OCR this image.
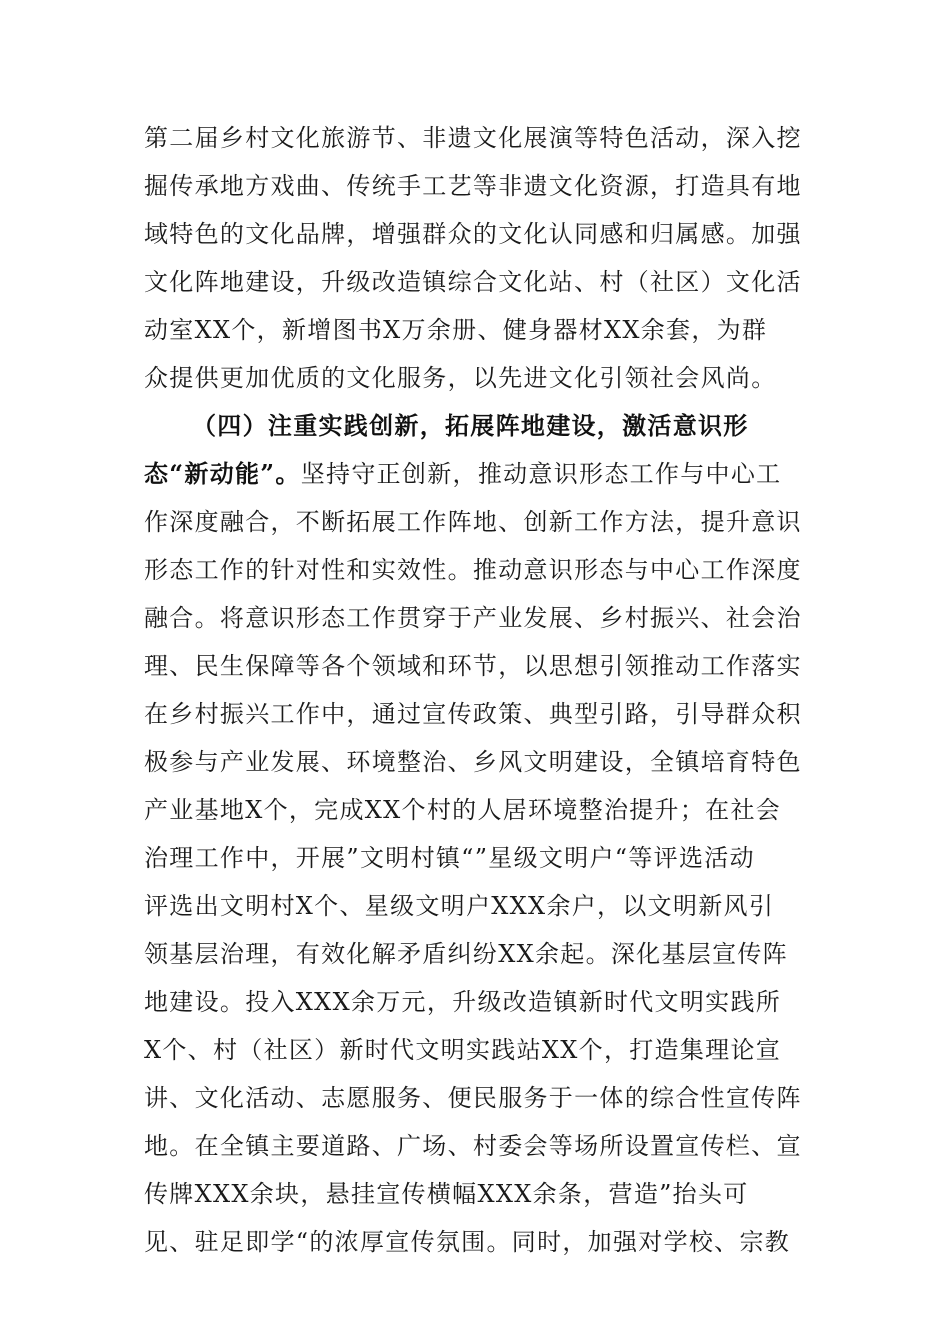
第二届乡村文化旅游节、非遗文化展演等特色活动，深入挖
掘传承地方戏曲、传统手工艺等非遗文化资源，打造具有地
域特色的文化品牌，增强群众的文化认同感和归属感。加强
文化阵地建设，升级改造镇综合文化站、村（社区）文化活
动室XX个，新增图书X万余册、健身器材XX余套，为群
众提供更加优质的文化服务，以先进文化引领社会风尚。
（四）注重实践创新，拓展阵地建设，激活意识形
态“新动能”。坚持守正创新，推动意识形态工作与中心工
作深度融合，不断拓展工作阵地、创新工作方法，提升意识
形态工作的针对性和实效性。推动意识形态与中心工作深度
融合。将意识形态工作贯穿于产业发展、乡村振兴、社会治
理、民生保障等各个领域和环节，以思想引领推动工作落实
在乡村振兴工作中，通过宣传政策、典型引路，引导群众积
极参与产业发展、环境整治、乡风文明建设，全镇培育特色
产业基地X个，完成XX个村的人居环境整治提升；在社会
治理工作中，开展”文明村镇“”星级文明户“等评选活动
评选出文明村X个、星级文明户XXX余户，以文明新风引
领基层治理，有效化解矛盾纠纷XX余起。深化基层宣传阵
地建设。投入XXX余万元，升级改造镇新时代文明实践所
X个、村（社区）新时代文明实践站XX个，打造集理论宣
讲、文化活动、志愿服务、便民服务于一体的综合性宣传阵
地。在全镇主要道路、广场、村委会等场所设置宣传栏、宣
传牌XXX余块，悬挂宣传横幅XXX余条，营造”抬头可
见、驻足即学“的浓厚宣传氛围。同时，加强对学校、宗教
